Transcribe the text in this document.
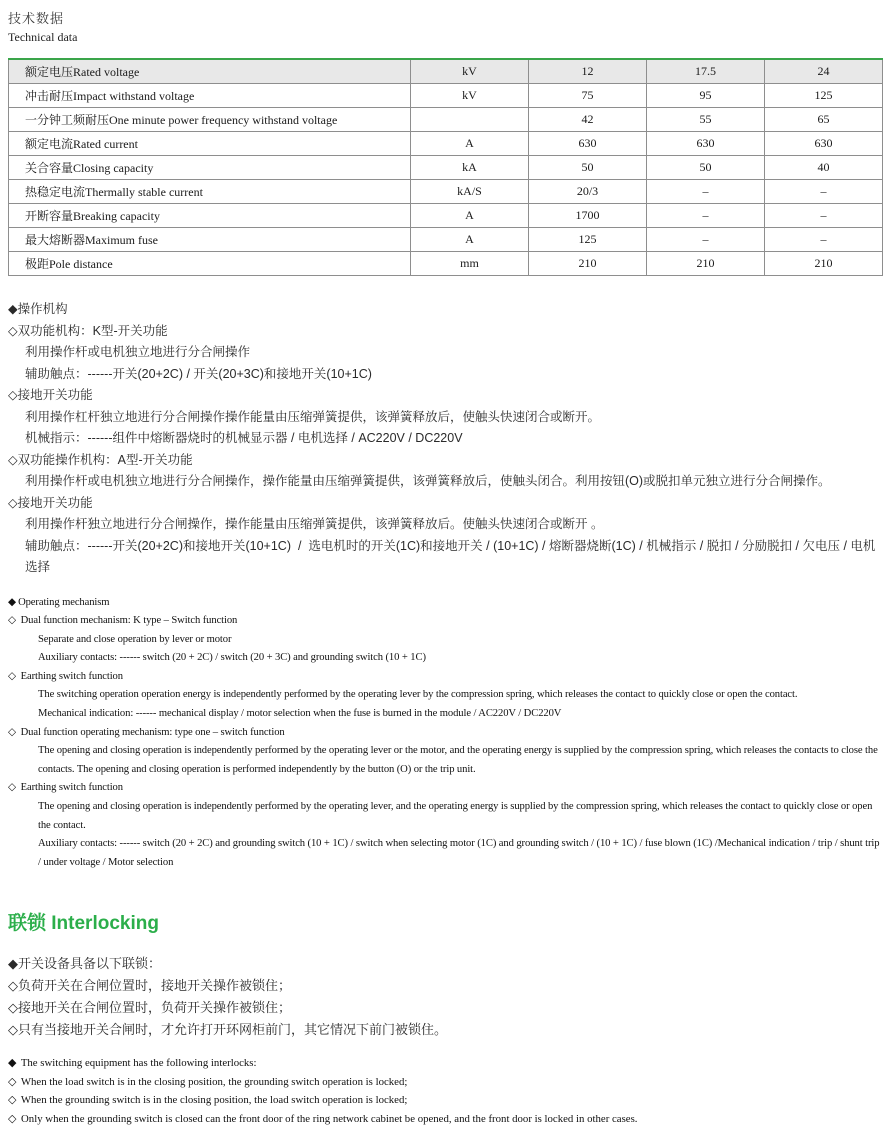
技术数据
Technical data
额定电压Rated voltage	kV	12	17.5	24
冲击耐压Impact withstand voltage	kV	75	95	125
一分钟工频耐压One minute power frequency withstand voltage		42	55	65
额定电流Rated current	A	630	630	630
关合容量Closing capacity	kA	50	50	40
热稳定电流Thermally stable current	kA/S	20/3	–	–
开断容量Breaking capacity	A	1700	–	–
最大熔断器Maximum fuse	A	125	–	–
极距Pole distance	mm	210	210	210
◆操作机构
◇双功能机构：K型-开关功能
利用操作杆或电机独立地进行分合闸操作
辅助触点：------开关(20+2C) / 开关(20+3C)和接地开关(10+1C)
◇接地开关功能
利用操作杠杆独立地进行分合闸操作操作能量由压缩弹簧提供，该弹簧释放后，使触头快速闭合或断开。
机械指示：------组件中熔断器烧时的机械显示器 / 电机选择 / AC220V / DC220V
◇双功能操作机构：A型-开关功能
利用操作杆或电机独立地进行分合闸操作，操作能量由压缩弹簧提供，该弹簧释放后，使触头闭合。利用按钮(O)或脱扣单元独立进行分合闸操作。
◇接地开关功能
利用操作杆独立地进行分合闸操作，操作能量由压缩弹簧提供，该弹簧释放后。使触头快速闭合或断开 。
辅助触点：------开关(20+2C)和接地开关(10+1C)  /  选电机时的开关(1C)和接地开关 / (10+1C) / 熔断器烧断(1C) / 机械指示 / 脱扣 / 分励脱扣 / 欠电压 / 电机选择
◆ Operating mechanism
◇ Dual function mechanism: K type – Switch function
Separate and close operation by lever or motor
Auxiliary contacts: ------ switch (20 + 2C) / switch (20 + 3C) and grounding switch (10 + 1C)
◇ Earthing switch function
The switching operation operation energy is independently performed by the operating lever by the compression spring, which releases the contact to quickly close or open the contact.
Mechanical indication: ------ mechanical display / motor selection when the fuse is burned in the module / AC220V / DC220V
◇ Dual function operating mechanism: type one – switch function
The opening and closing operation is independently performed by the operating lever or the motor, and the operating energy is supplied by the compression spring, which releases the contacts to close the contacts. The opening and closing operation is performed independently by the button (O) or the trip unit.
◇ Earthing switch function
The opening and closing operation is independently performed by the operating lever, and the operating energy is supplied by the compression spring, which releases the contact to quickly close or open the contact.
Auxiliary contacts: ------ switch (20 + 2C) and grounding switch (10 + 1C) / switch when selecting motor (1C) and grounding switch / (10 + 1C) / fuse blown (1C) /Mechanical indication / trip / shunt trip / under voltage / Motor selection
联锁 Interlocking
◆开关设备具备以下联锁：
◇负荷开关在合闸位置时，接地开关操作被锁住；
◇接地开关在合闸位置时，负荷开关操作被锁住；
◇只有当接地开关合闸时，才允许打开环网柜前门，其它情况下前门被锁住。
◆ The switching equipment has the following interlocks:
◇ When the load switch is in the closing position, the grounding switch operation is locked;
◇ When the grounding switch is in the closing position, the load switch operation is locked;
◇ Only when the grounding switch is closed can the front door of the ring network cabinet be opened, and the front door is locked in other cases.
